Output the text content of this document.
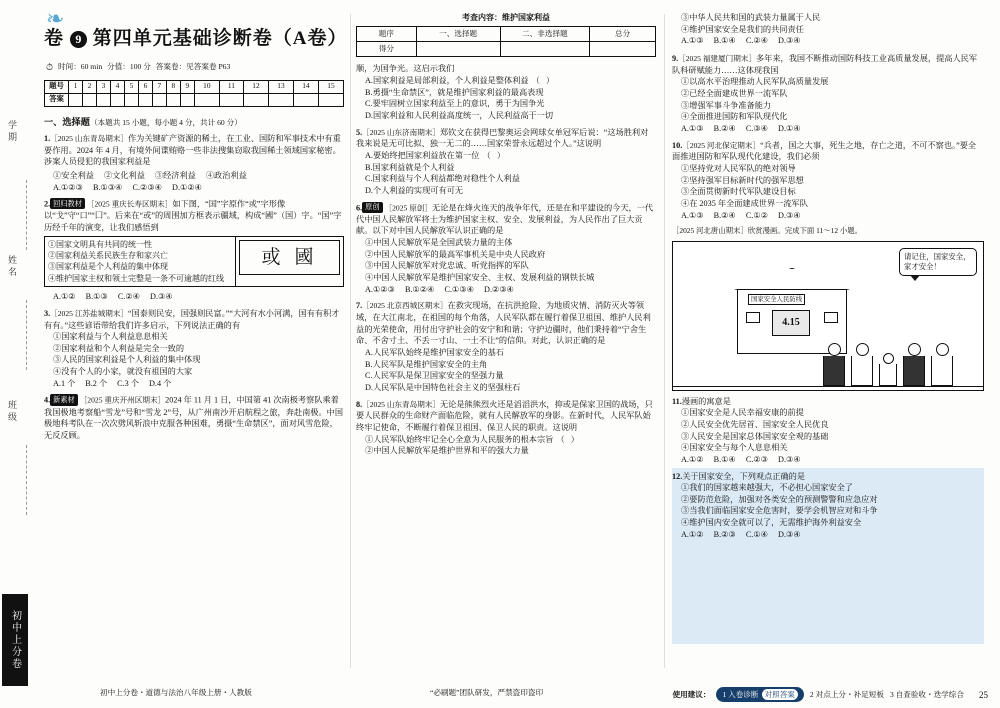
学期
姓名
班级
初中上分卷
❧
卷 9 第四单元基础诊断卷（A卷）
⏱ 时间：60 min 分值：100 分 答案卷：见答案卷 P63
题号	1	2	3	4	5	6	7	8	9	10	11	12	13	14	15
答案															
一、选择题（本题共 15 小题，每小题 4 分，共计 60 分）
1.［2025 山东青岛期末］作为关键矿产资源的稀土，在工业、国防和军事技术中有重要作用。2024 年 4 月，有境外间谍贿赂一些非法搜集窃取我国稀土领域国家秘密。涉案人员侵犯的我国家利益是
①安全利益 ②文化利益 ③经济利益 ④政治利益
A.①②③ B.①③④ C.②③④ D.①②④
2. 回归教材 ［2025 重庆长寿区期末］如下图，“国”字原作“或”字形像以“戈”守“口”“囗”。后来在“或”的周围加方框表示疆域，构成“國”（国）字。“国”字历经千年的演变，让我们感悟到
①国家文明具有共同的统一性
②国家利益关系民族生存和家兴亡
③国家利益是个人利益的集中体现
④维护国家主权和领土完整是一条不可逾越的红线

或 國
A.①② B.①③ C.②④ D.③④
3.［2025 江苏盐城期末］“国泰则民安，国强则民富。”“大河有水小河满，国有有积才有有。”这些谚语带给我们许多启示，下列说法正确的有
①国家利益与个人利益息息相关
②国家利益和个人利益是完全一致的
③人民的国家利益是个人利益的集中体现
④没有个人的小家，就没有祖国的大家
A.1 个 B.2 个 C.3 个 D.4 个
4. 新素材 ［2025 重庆开州区期末］2024 年 11 月 1 日，中国第 41 次南极考察队乘着我国极地考察船“雪龙”号和“雪龙 2”号，从广州南沙开启航程之旅，奔赴南极。中国极地科考队在一次次劈风斩浪中克服各种困难，勇摄“生命禁区”，面对风雪危险，无反反顾。
考查内容：维护国家利益
题序	一、选择题	二、非选择题	总分
得分			
顺，为国争光。这启示我们
A.国家利益是局部利益，个人利益是整体利益　（　）
B.勇摄“生命禁区”，就是维护国家利益的最高表现
C.要牢固树立国家利益至上的意识，勇于为国争光
D.国家利益和人民利益高度统一，人民利益高于一切
5.［2025 山东济南期末］郑钦文在获得巴黎奥运会网球女单冠军后说：“这场胜利对我来说是无可比拟、独一无二的……国家荣誉永远超过个人。”这说明
A.要始终把国家利益放在第一位　（　）
B.国家利益就是个人利益
C.国家利益与个人利益都绝对稳性个人利益
D.个人利益的实现可有可无
6. 原创 ［2025 原创］无论是在烽火连天的战争年代，还是在和平建设的今天，一代代中国人民解放军将士为维护国家主权、安全、发展利益，为人民作出了巨大贡献。以下对中国人民解放军认识正确的是
①中国人民解放军是全国武装力量的主体
②中国人民解放军的最高军事机关是中央人民政府
③中国人民解放军对党忠诚、听党指挥的军队
④中国人民解放军是维护国家安全、主权、发展利益的钢铁长城
A.①②③ B.①②④ C.①③④ D.②③④
7.［2025 北京西城区期末］在救灾现场，在抗洪抢险、为地质灾情、消防灭火等领域，在大江南北，在祖国的每个角落，人民军队都在履行着保卫祖国、维护人民利益的光荣使命，用付出守护社会的安宁和和谐；守护边疆时，他们秉持着“宁舍生命、不舍寸土、不丢一寸山、一土不让”的信仰。对此，认识正确的是
A.人民军队始终是维护国家安全的基石
B.人民军队是维护国家安全的主角
C.人民军队是保卫国家安全的坚强力量
D.人民军队是中国特色社会主义的坚强柱石
8.［2025 山东青岛期末］无论是熊熊烈火还是滔滔洪水，抑或是保家卫国的战场，只要人民群众的生命财产面临危险，就有人民解放军的身影。在新时代，人民军队始终牢记使命，不断履行着保卫祖国、保卫人民的职责。这说明
①人民军队始终牢记全心全意为人民服务的根本宗旨　（　）
②中国人民解放军是维护世界和平的强大力量
③中华人民共和国的武装力量属于人民
④维护国家安全是我们的共同责任
A.①③ B.①④ C.②④ D.③④
9.［2025 福建厦门期末］多年来，我国不断推动国防科技工业高质量发展，提高人民军队科研赋能力……这体现我国
①以高水平治理推动人民军队高质量发展
②已经全面建成世界一流军队
③增强军事斗争准备能力
④全面推进国防和军队现代化
A.①③ B.②④ C.③④ D.①④
10.［2025 河北保定期末］“兵者，国之大事，死生之地，存亡之道，不可不察也。”要全面推进国防和军队现代化建设，我们必须
①坚持党对人民军队的绝对领导
②坚持强军目标新时代的强军思想
③全面贯彻新时代军队建设目标
④在 2035 年全面建成世界一流军队
A.①③ B.②④ C.①② D.③④
［2025 河北唐山期末］欣赏漫画。完成下面 11～12 小题。
请记住，国家安全，家才安全！
国家安全人民防线
4.15
11.漫画的寓意是
①国家安全是人民幸福安康的前提
②人民安全优先居首、国家安全人民优良
③人民安全是国家总体国家安全观的基础
④国家安全与每个人息息相关
A.①② B.①④ C.②③ D.③④
12.关于国家安全，下列观点正确的是
①我们的国家越来越强大，不必担心国家安全了
②要防范危险，加强对各类安全的预测警警和应急应对
③当我们面临国家安全危害时，要学会机智应对和斗争
④维护国内安全就可以了，无需维护海外利益安全
A.①② B.②③ C.①④ D.③④
初中上分卷・道德与法治八年级上册・人教版	“必刷题”团队研发，严禁盗印盗印	使用建议： 1 入卷诊断 对照答案	2 对点上分・补足短板 3 自查验收・迭学综合 25
